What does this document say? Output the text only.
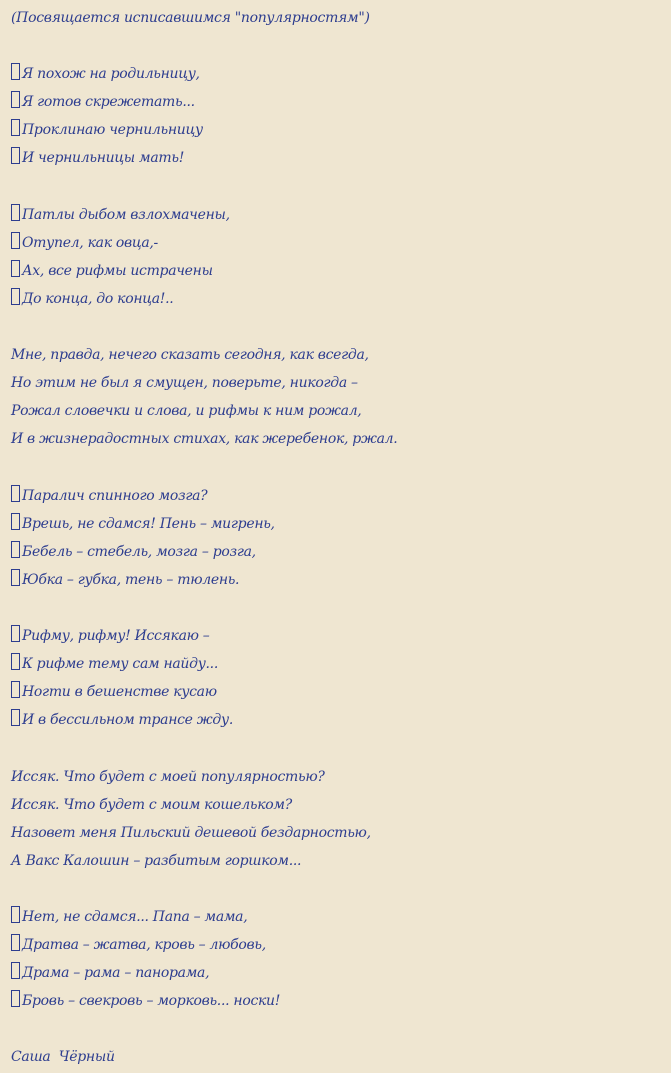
(Посвящается исписавшимся "популярностям")
Я похож на родильницу,
Я готов скрежетать...
Проклинаю чернильницу
И чернильницы мать!
Патлы дыбом взлохмачены,
Отупел, как овца,-
Ах, все рифмы истрачены
До конца, до конца!..
Мне, правда, нечего сказать сегодня, как всегда,
Но этим не был я смущен, поверьте, никогда –
Рожал словечки и слова, и рифмы к ним рожал,
И в жизнерадостных стихах, как жеребенок, ржал.
Паралич спинного мозга?
Врешь, не сдамся! Пень – мигрень,
Бебель – стебель, мозга – розга,
Юбка – губка, тень – тюлень.
Рифму, рифму! Иссякаю –
К рифме тему сам найду...
Ногти в бешенстве кусаю
И в бессильном трансе жду.
Иссяк. Что будет с моей популярностью?
Иссяк. Что будет с моим кошельком?
Назовет меня Пильский дешевой бездарностью,
А Вакс Калошин – разбитым горшком...
Нет, не сдамся... Папа – мама,
Дратва – жатва, кровь – любовь,
Драма – рама – панорама,
Бровь – свекровь – морковь... носки!
Саша  Чёрный
